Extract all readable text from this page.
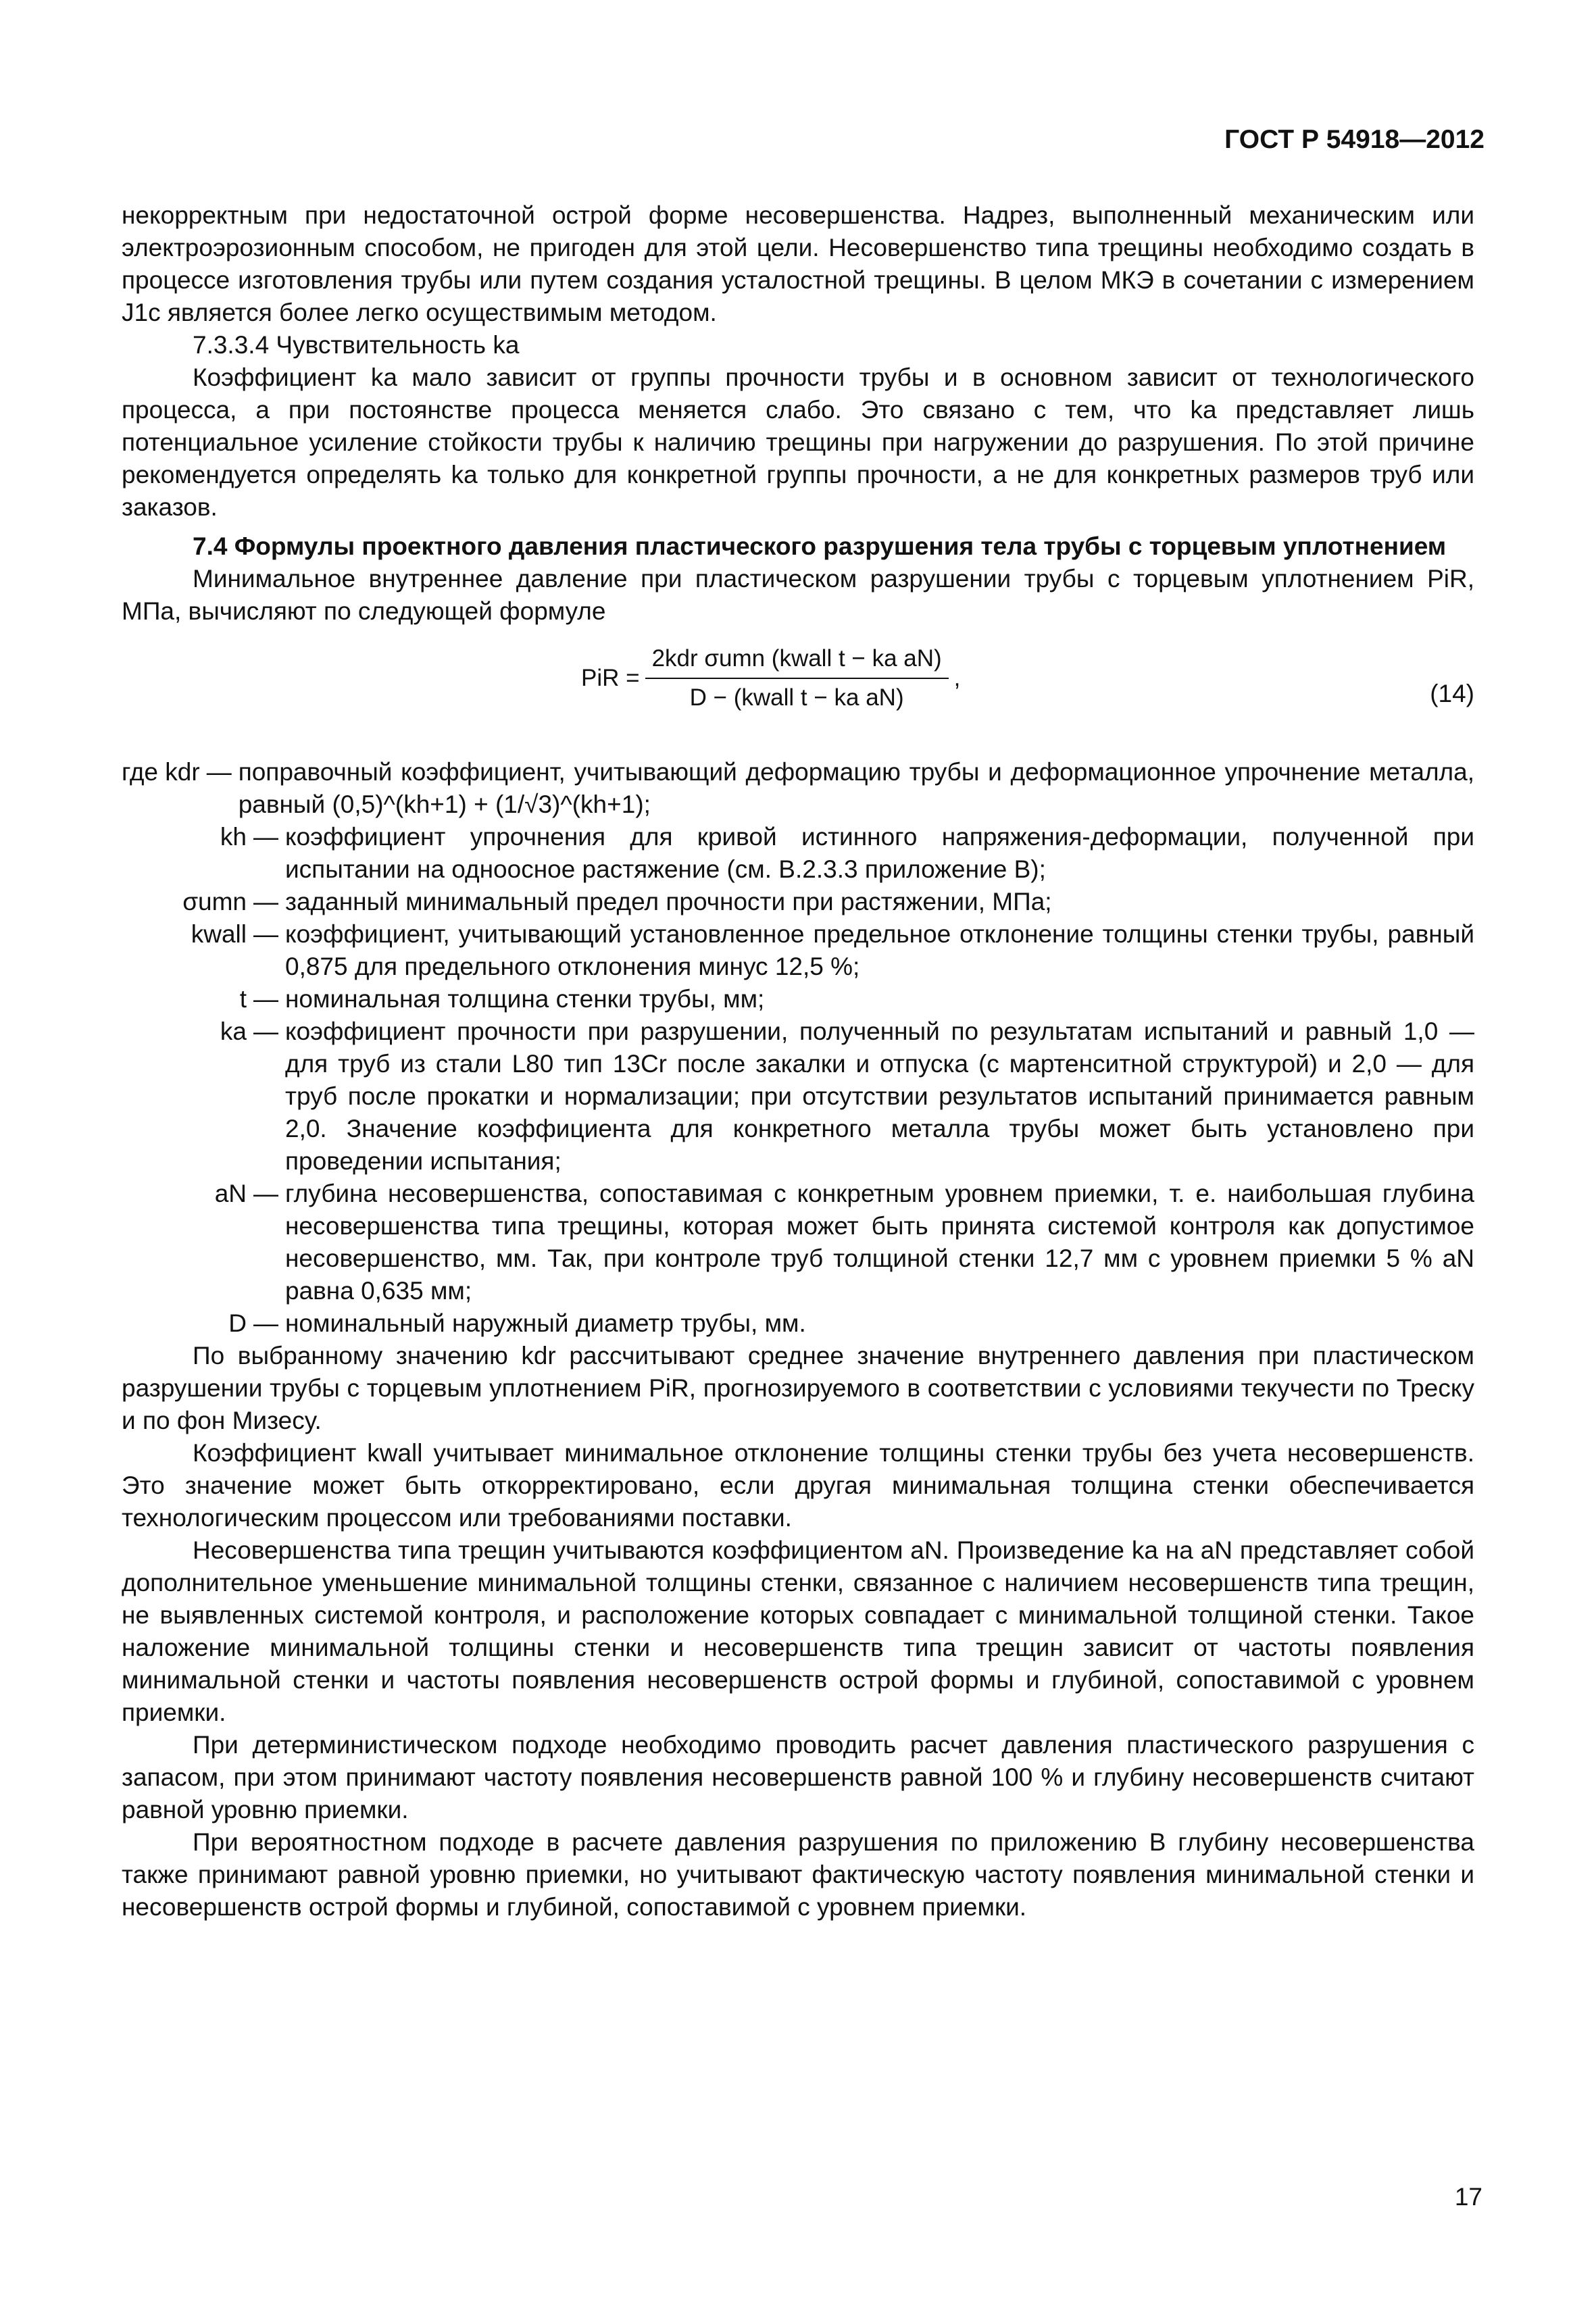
ГОСТ Р 54918—2012

некорректным при недостаточной острой форме несовершенства. Надрез, выполненный механическим или электроэрозионным способом, не пригоден для этой цели. Несовершенство типа трещины необходимо создать в процессе изготовления трубы или путем создания усталостной трещины. В целом МКЭ в сочетании с измерением J1c является более легко осуществимым методом.

7.3.3.4 Чувствительность ka

Коэффициент ka мало зависит от группы прочности трубы и в основном зависит от технологического процесса, а при постоянстве процесса меняется слабо. Это связано с тем, что ka представляет лишь потенциальное усиление стойкости трубы к наличию трещины при нагружении до разрушения. По этой причине рекомендуется определять ka только для конкретной группы прочности, а не для конкретных размеров труб или заказов.

7.4 Формулы проектного давления пластического разрушения тела трубы с торцевым уплотнением

Минимальное внутреннее давление при пластическом разрушении трубы с торцевым уплотнением PiR, МПа, вычисляют по следующей формуле

PiR = $\frac{\text{2kdr σumn (kwall t − ka aN)}}{\text{D − (kwall t − ka aN)}}$ ,
(14)
где kdr — поправочный коэффициент, учитывающий деформацию трубы и деформационное упрочнение металла, равный (0,5)^(kh+1) + (1/√3)^(kh+1);
kh — коэффициент упрочнения для кривой истинного напряжения-деформации, полученной при испытании на одноосное растяжение (см. В.2.3.3 приложение В);
σumn — заданный минимальный предел прочности при растяжении, МПа;
kwall — коэффициент, учитывающий установленное предельное отклонение толщины стенки трубы, равный 0,875 для предельного отклонения минус 12,5 %;
t — номинальная толщина стенки трубы, мм;
ka — коэффициент прочности при разрушении, полученный по результатам испытаний и равный 1,0 — для труб из стали L80 тип 13Cr после закалки и отпуска (с мартенситной структурой) и 2,0 — для труб после прокатки и нормализации; при отсутствии результатов испытаний принимается равным 2,0. Значение коэффициента для конкретного металла трубы может быть установлено при проведении испытания;
aN — глубина несовершенства, сопоставимая с конкретным уровнем приемки, т. е. наибольшая глубина несовершенства типа трещины, которая может быть принята системой контроля как допустимое несовершенство, мм. Так, при контроле труб толщиной стенки 12,7 мм с уровнем приемки 5 % aN равна 0,635 мм;
D — номинальный наружный диаметр трубы, мм.

По выбранному значению kdr рассчитывают среднее значение внутреннего давления при пластическом разрушении трубы с торцевым уплотнением PiR, прогнозируемого в соответствии с условиями текучести по Треску и по фон Мизесу.

Коэффициент kwall учитывает минимальное отклонение толщины стенки трубы без учета несовершенств. Это значение может быть откорректировано, если другая минимальная толщина стенки обеспечивается технологическим процессом или требованиями поставки.

Несовершенства типа трещин учитываются коэффициентом aN. Произведение ka на aN представляет собой дополнительное уменьшение минимальной толщины стенки, связанное с наличием несовершенств типа трещин, не выявленных системой контроля, и расположение которых совпадает с минимальной толщиной стенки. Такое наложение минимальной толщины стенки и несовершенств типа трещин зависит от частоты появления минимальной стенки и частоты появления несовершенств острой формы и глубиной, сопоставимой с уровнем приемки.

При детерминистическом подходе необходимо проводить расчет давления пластического разрушения с запасом, при этом принимают частоту появления несовершенств равной 100 % и глубину несовершенств считают равной уровню приемки.

При вероятностном подходе в расчете давления разрушения по приложению В глубину несовершенства также принимают равной уровню приемки, но учитывают фактическую частоту появления минимальной стенки и несовершенств острой формы и глубиной, сопоставимой с уровнем приемки.

17
